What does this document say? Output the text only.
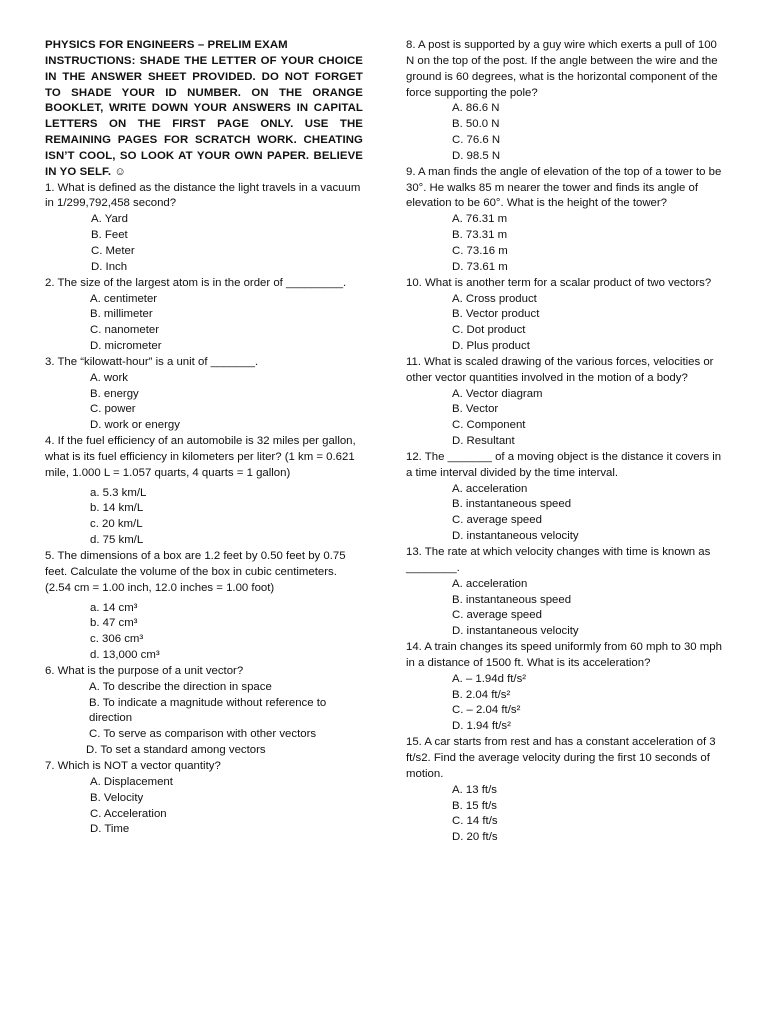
PHYSICS FOR ENGINEERS – PRELIM EXAM
INSTRUCTIONS: SHADE THE LETTER OF YOUR CHOICE IN THE ANSWER SHEET PROVIDED. DO NOT FORGET TO SHADE YOUR ID NUMBER. ON THE ORANGE BOOKLET, WRITE DOWN YOUR ANSWERS IN CAPITAL LETTERS ON THE FIRST PAGE ONLY. USE THE REMAINING PAGES FOR SCRATCH WORK. CHEATING ISN’T COOL, SO LOOK AT YOUR OWN PAPER. BELIEVE IN YO SELF. ☺
1. What is defined as the distance the light travels in a vacuum in 1/299,792,458 second?
A. Yard
B. Feet
C. Meter
D. Inch
2. The size of the largest atom is in the order of _________.
A. centimeter
B. millimeter
C. nanometer
D. micrometer
3. The “kilowatt-hour” is a unit of _______.
A. work
B. energy
C. power
D. work or energy
4. If the fuel efficiency of an automobile is 32 miles per gallon, what is its fuel efficiency in kilometers per liter? (1 km = 0.621 mile, 1.000 L = 1.057 quarts, 4 quarts = 1 gallon)
a. 5.3 km/L
b. 14 km/L
c. 20 km/L
d. 75 km/L
5. The dimensions of a box are 1.2 feet by 0.50 feet by 0.75 feet. Calculate the volume of the box in cubic centimeters. (2.54 cm = 1.00 inch, 12.0 inches = 1.00 foot)
a. 14 cm³
b. 47 cm³
c. 306 cm³
d. 13,000 cm³
6. What is the purpose of a unit vector?
A. To describe the direction in space
B. To indicate a magnitude without reference to direction
C. To serve as comparison with other vectors
D. To set a standard among vectors
7. Which is NOT a vector quantity?
A. Displacement
B. Velocity
C. Acceleration
D. Time
8. A post is supported by a guy wire which exerts a pull of 100 N on the top of the post. If the angle between the wire and the ground is 60 degrees, what is the horizontal component of the force supporting the pole?
A. 86.6 N
B. 50.0 N
C. 76.6 N
D. 98.5 N
9. A man finds the angle of elevation of the top of a tower to be 30°. He walks 85 m nearer the tower and finds its angle of elevation to be 60°. What is the height of the tower?
A. 76.31 m
B. 73.31 m
C. 73.16 m
D. 73.61 m
10. What is another term for a scalar product of two vectors?
A. Cross product
B. Vector product
C. Dot product
D. Plus product
11. What is scaled drawing of the various forces, velocities or other vector quantities involved in the motion of a body?
A. Vector diagram
B. Vector
C. Component
D. Resultant
12. The _______ of a moving object is the distance it covers in a time interval divided by the time interval.
A. acceleration
B. instantaneous speed
C. average speed
D. instantaneous velocity
13. The rate at which velocity changes with time is known as ________.
A. acceleration
B. instantaneous speed
C. average speed
D. instantaneous velocity
14. A train changes its speed uniformly from 60 mph to 30 mph in a distance of 1500 ft. What is its acceleration?
A. – 1.94d ft/s²
B. 2.04 ft/s²
C. – 2.04 ft/s²
D. 1.94 ft/s²
15. A car starts from rest and has a constant acceleration of 3 ft/s2. Find the average velocity during the first 10 seconds of motion.
A. 13 ft/s
B. 15 ft/s
C. 14 ft/s
D. 20 ft/s
